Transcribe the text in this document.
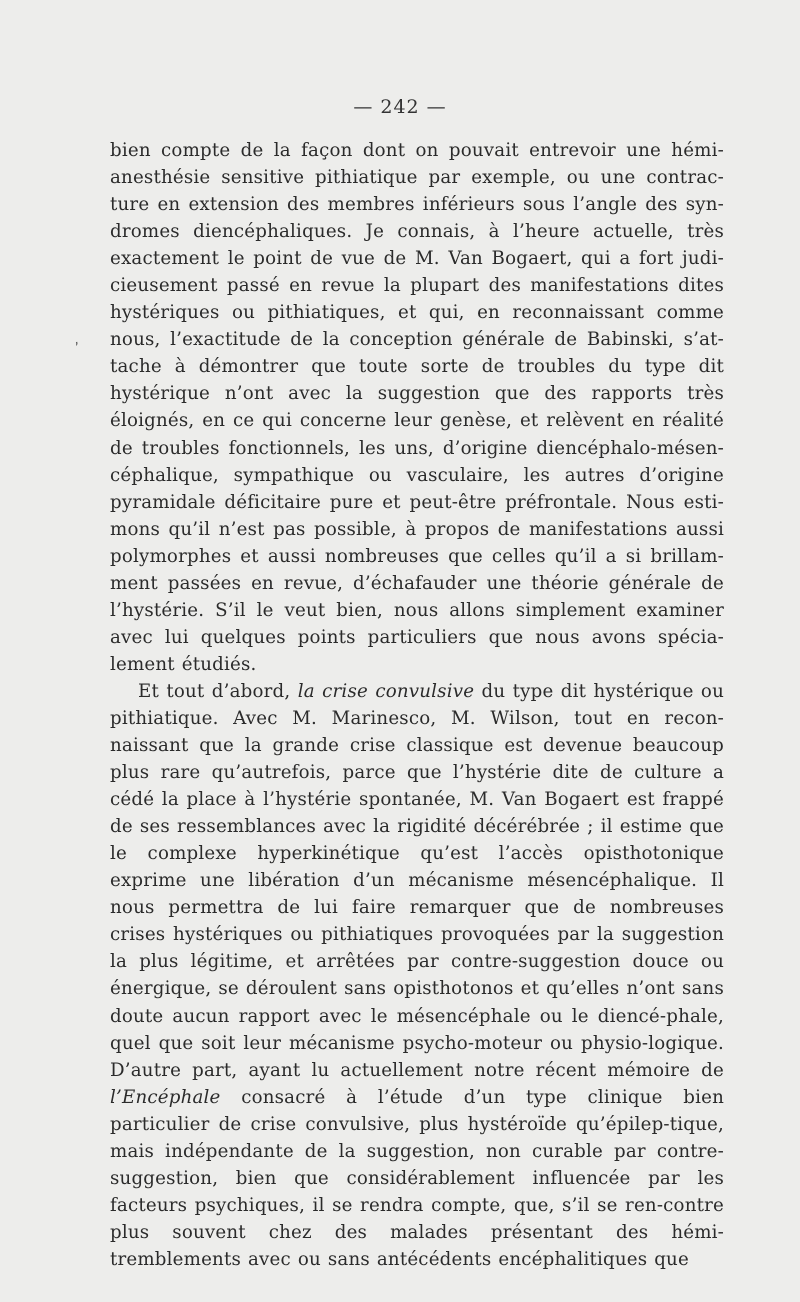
— 242 —
’

bien compte de la façon dont on pouvait entrevoir une hémi-anesthésie sensitive pithiatique par exemple, ou une contrac-ture en extension des membres inférieurs sous l’angle des syn-dromes diencéphaliques. Je connais, à l’heure actuelle, très exactement le point de vue de M. Van Bogaert, qui a fort judi-cieusement passé en revue la plupart des manifestations dites hystériques ou pithiatiques, et qui, en reconnaissant comme nous, l’exactitude de la conception générale de Babinski, s’at-tache à démontrer que toute sorte de troubles du type dit hystérique n’ont avec la suggestion que des rapports très éloignés, en ce qui concerne leur genèse, et relèvent en réalité de troubles fonctionnels, les uns, d’origine diencéphalo-mésen-céphalique, sympathique ou vasculaire, les autres d’origine pyramidale déficitaire pure et peut-être préfrontale. Nous esti-mons qu’il n’est pas possible, à propos de manifestations aussi polymorphes et aussi nombreuses que celles qu’il a si brillam-ment passées en revue, d’échafauder une théorie générale de l’hystérie. S’il le veut bien, nous allons simplement examiner avec lui quelques points particuliers que nous avons spécia-lement étudiés.

Et tout d’abord, la crise convulsive du type dit hystérique ou pithiatique. Avec M. Marinesco, M. Wilson, tout en recon-naissant que la grande crise classique est devenue beaucoup plus rare qu’autrefois, parce que l’hystérie dite de culture a cédé la place à l’hystérie spontanée, M. Van Bogaert est frappé de ses ressemblances avec la rigidité décérébrée ; il estime que le complexe hyperkinétique qu’est l’accès opisthotonique exprime une libération d’un mécanisme mésencéphalique. Il nous permettra de lui faire remarquer que de nombreuses crises hystériques ou pithiatiques provoquées par la suggestion la plus légitime, et arrêtées par contre-suggestion douce ou énergique, se déroulent sans opisthotonos et qu’elles n’ont sans doute aucun rapport avec le mésencéphale ou le diencé-phale, quel que soit leur mécanisme psycho-moteur ou physio-logique. D’autre part, ayant lu actuellement notre récent mémoire de l’Encéphale consacré à l’étude d’un type clinique bien particulier de crise convulsive, plus hystéroïde qu’épilep-tique, mais indépendante de la suggestion, non curable par contre-suggestion, bien que considérablement influencée par les facteurs psychiques, il se rendra compte, que, s’il se ren-contre plus souvent chez des malades présentant des hémi-tremblements avec ou sans antécédents encéphalitiques que
